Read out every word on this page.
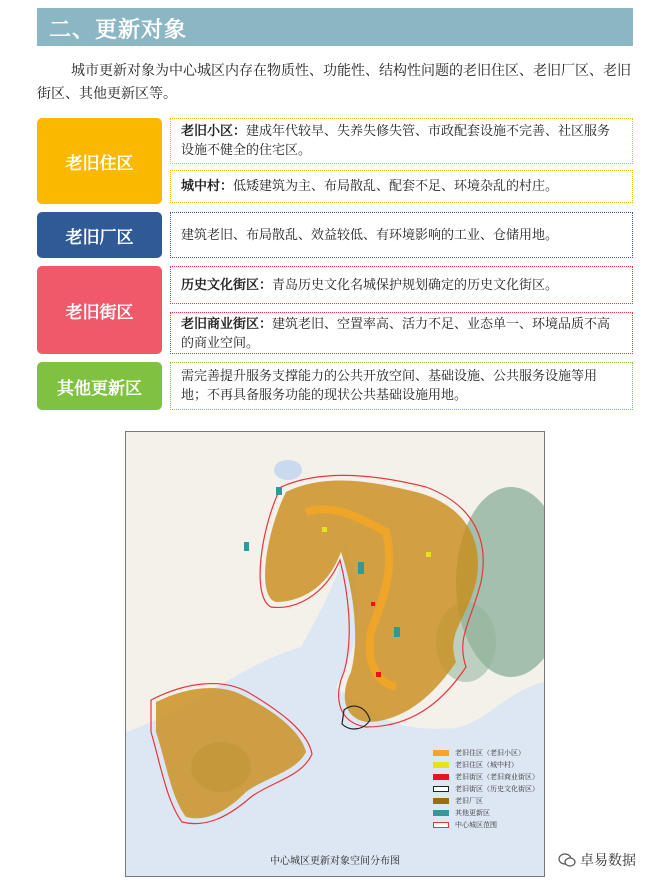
二、更新对象
城市更新对象为中心城区内存在物质性、功能性、结构性问题的老旧住区、老旧厂区、老旧街区、其他更新区等。
老旧住区
老旧小区：建成年代较早、失养失修失管、市政配套设施不完善、社区服务设施不健全的住宅区。
城中村：低矮建筑为主、布局散乱、配套不足、环境杂乱的村庄。
老旧厂区	建筑老旧、布局散乱、效益较低、有环境影响的工业、仓储用地。
老旧街区
历史文化街区：青岛历史文化名城保护规划确定的历史文化街区。
老旧商业街区：建筑老旧、空置率高、活力不足、业态单一、环境品质不高的商业空间。
其他更新区
需完善提升服务支撑能力的公共开放空间、基础设施、公共服务设施等用地；不再具备服务功能的现状公共基础设施用地。
老旧住区（老旧小区）
老旧住区（城中村）
老旧街区（老旧商业街区）
老旧街区（历史文化街区）
老旧厂区
其他更新区
中心城区范围
中心城区更新对象空间分布图	卓易数据
